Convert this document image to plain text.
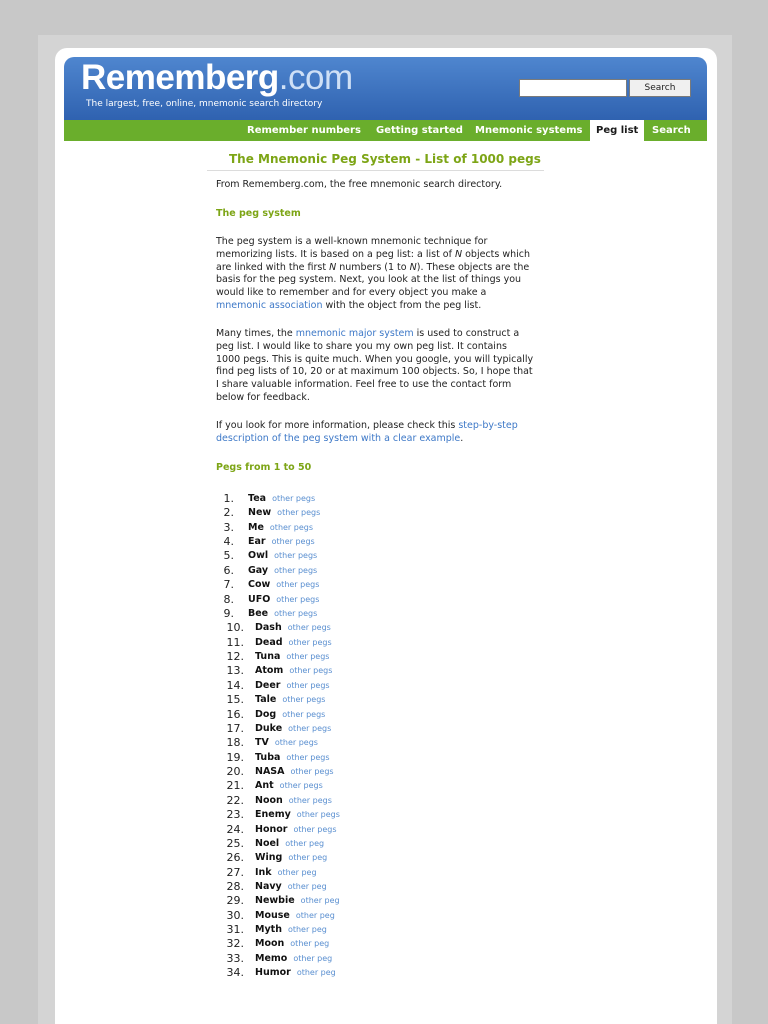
Rememberg.com
The largest, free, online, mnemonic search directory
Search
Remember numbers Getting started Mnemonic systems	Peg list	Search
The Mnemonic Peg System - List of 1000 pegs
From Rememberg.com, the free mnemonic search directory.
The peg system
The peg system is a well-known mnemonic technique for memorizing lists. It is based on a peg list: a list of N objects which are linked with the first N numbers (1 to N). These objects are the basis for the peg system. Next, you look at the list of things you would like to remember and for every object you make a mnemonic association with the object from the peg list.
Many times, the mnemonic major system is used to construct a peg list. I would like to share you my own peg list. It contains 1000 pegs. This is quite much. When you google, you will typically find peg lists of 10, 20 or at maximum 100 objects. So, I hope that I share valuable information. Feel free to use the contact form below for feedback.
If you look for more information, please check this step-by-step description of the peg system with a clear example.
Pegs from 1 to 50
1. Tea other pegs
2. New other pegs
3. Me other pegs
4. Ear other pegs
5. Owl other pegs
6. Gay other pegs
7. Cow other pegs
8. UFO other pegs
9. Bee other pegs
10. Dash other pegs
11. Dead other pegs
12. Tuna other pegs
13. Atom other pegs
14. Deer other pegs
15. Tale other pegs
16. Dog other pegs
17. Duke other pegs
18. TV other pegs
19. Tuba other pegs
20. NASA other pegs
21. Ant other pegs
22. Noon other pegs
23. Enemy other pegs
24. Honor other pegs
25. Noel other peg
26. Wing other peg
27. Ink other peg
28. Navy other peg
29. Newbie other peg
30. Mouse other peg
31. Myth other peg
32. Moon other peg
33. Memo other peg
34. Humor other peg
